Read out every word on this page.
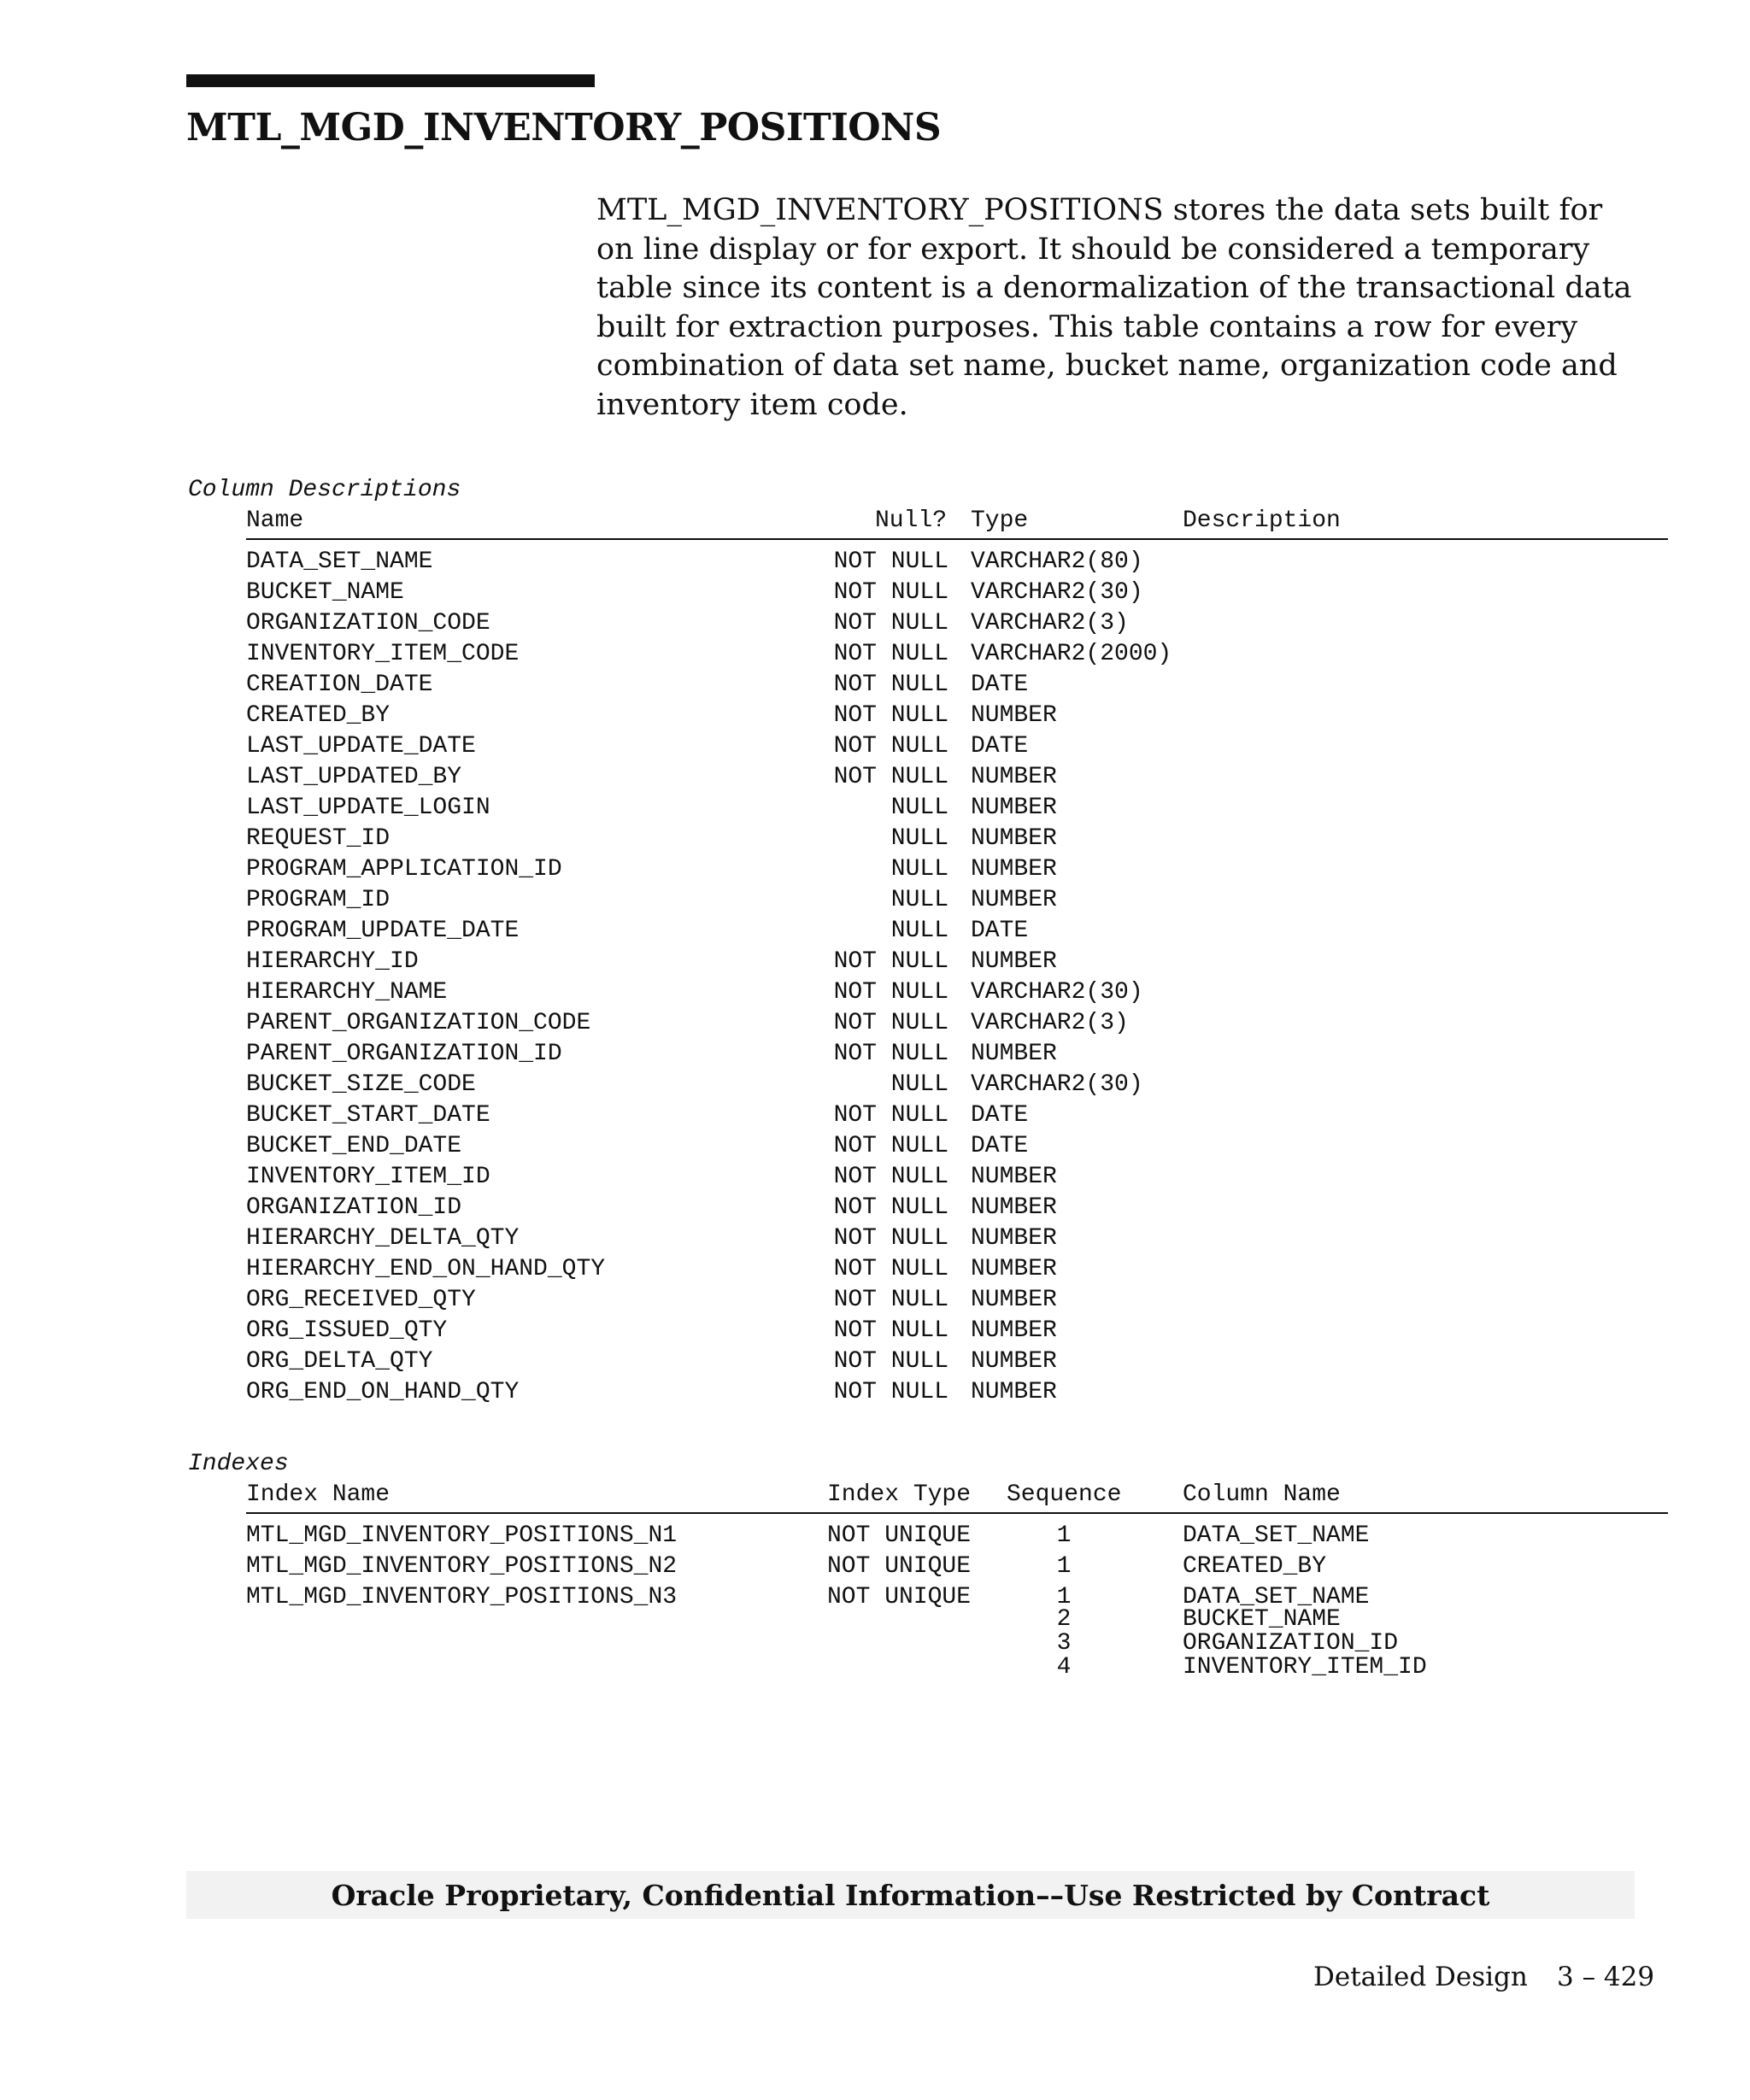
MTL_MGD_INVENTORY_POSITIONS

MTL_MGD_INVENTORY_POSITIONS stores the data sets built for on line display or for export. It should be considered a temporary table since its content is a denormalization of the transactional data built for extraction purposes. This table contains a row for every combination of data set name, bucket name, organization code and inventory item code.

Column Descriptions
Name	Null? Type	Description
DATA_SET_NAME	NOT NULL VARCHAR2(80)
BUCKET_NAME	NOT NULL VARCHAR2(30)
ORGANIZATION_CODE	NOT NULL VARCHAR2(3)
INVENTORY_ITEM_CODE	NOT NULL VARCHAR2(2000)
CREATION_DATE	NOT NULL DATE
CREATED_BY	NOT NULL NUMBER
LAST_UPDATE_DATE	NOT NULL DATE
LAST_UPDATED_BY	NOT NULL NUMBER
LAST_UPDATE_LOGIN	NULL NUMBER
REQUEST_ID	NULL NUMBER
PROGRAM_APPLICATION_ID	NULL NUMBER
PROGRAM_ID	NULL NUMBER
PROGRAM_UPDATE_DATE	NULL DATE
HIERARCHY_ID	NOT NULL NUMBER
HIERARCHY_NAME	NOT NULL VARCHAR2(30)
PARENT_ORGANIZATION_CODE	NOT NULL VARCHAR2(3)
PARENT_ORGANIZATION_ID	NOT NULL NUMBER
BUCKET_SIZE_CODE	NULL VARCHAR2(30)
BUCKET_START_DATE	NOT NULL DATE
BUCKET_END_DATE	NOT NULL DATE
INVENTORY_ITEM_ID	NOT NULL NUMBER
ORGANIZATION_ID	NOT NULL NUMBER
HIERARCHY_DELTA_QTY	NOT NULL NUMBER
HIERARCHY_END_ON_HAND_QTY	NOT NULL NUMBER
ORG_RECEIVED_QTY	NOT NULL NUMBER
ORG_ISSUED_QTY	NOT NULL NUMBER
ORG_DELTA_QTY	NOT NULL NUMBER
ORG_END_ON_HAND_QTY	NOT NULL NUMBER
Indexes
Index Name	Index Type Sequence	Column Name
MTL_MGD_INVENTORY_POSITIONS_N1	NOT UNIQUE	1	DATA_SET_NAME
MTL_MGD_INVENTORY_POSITIONS_N2	NOT UNIQUE	1	CREATED_BY
MTL_MGD_INVENTORY_POSITIONS_N3	NOT UNIQUE	1	DATA_SET_NAME
2	BUCKET_NAME
3	ORGANIZATION_ID
4	INVENTORY_ITEM_ID
Oracle Proprietary, Confidential Information––Use Restricted by Contract
Detailed Design 3 – 429
